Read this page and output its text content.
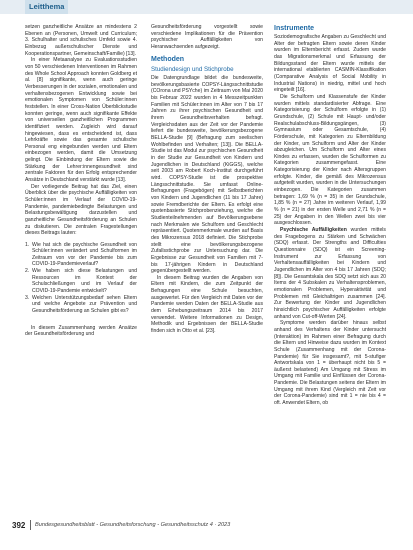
Leitthema

setzen ganzheitliche Ansätze an mindestens 2 Ebenen an (Personen, Umwelt und Curriculum; 3. Schulhalter und schulisches Umfeld sowie 4. Einbezug außerschulischer Dienste und Kooperationspartner, Gemeinschaft/Familie) [13].

In einer Metaanalyse zu Evaluationsstudien von 50 verschiedenen Interventionen im Rahmen des Whole School Approach konnten Goldberg et al. [8] signifikante, wenn auch geringe Verbesserungen in der sozialen, emotionalen und verhaltensbezogenen Entwicklung sowie bei emotionalen Symptomen von Schüler:innen feststellen. In einer Cross-Nation Überblickstudie konnten geringe, wenn auch signifikante Effekte von universellen ganzheitlichen Programmen identifiziert werden. Zugleich wird darauf hingewiesen, dass es entscheidend ist, dass Lehrkräfte sowie das gesamte schulische Personal eng eingebunden werden und Eltern einbezogen werden, damit die Umsetzung gelingt. Die Einbindung der Eltern sowie die Stärkung der Lehrer:innengesundheit sind zentrale Faktoren für den Erfolg entsprechender Ansätze in Deutschland verstärkt wurde [13].

Der vorliegende Beitrag hat das Ziel, einen Überblick über die psychische Auffälligkeiten von Schüler:innen im Verlauf der COVID-19-Pandemie, pandemiebedingte Belastungen und Belastungsbewältigung darzustellen und ganzheitliche Gesundheitsförderung an Schulen zu diskutieren. Die zentralen Fragestellungen dieses Beitrags lauten:

1. Wie hat sich die psychische Gesundheit von Schüler:innen verändert und Schulformen im Zeitraum von vor der Pandemie bis zum COVID-19-Pandemieverlauf?
2. Wie haben sich diese Belastungen und Ressourcen im Kontext der Schulschließungen und im Verlauf der COVID-19-Pandemie entwickelt?
3. Welchen Unterstützungsbedarf sehen Eltern und welche Angebote zur Prävention und Gesundheitsförderung an Schulen gibt es?

In diesem Zusammenhang werden Ansätze der Gesundheitsförderung und

Gesundheitsförderung vorgestellt sowie verschiedene Implikationen für die Prävention psychischer Auffälligkeiten von Heranwachsenden aufgezeigt.

Methoden

Studiendesign und Stichprobe

Die Datengrundlage bildet die bundesweite, bevölkerungsbasierte COPSY-Längsschnittstudie (COrona und PSYche) im Zeitraum von Mai 2020 bis Februar 2022 wurden in 4 Messzeitpunkten Familien mit Schüler:innen im Alter von 7 bis 17 Jahren zu ihrer psychischen Gesundheit und ihrem Gesundheitsverhalten befragt. Vergleichsdaten aus der Zeit vor der Pandemie liefert die bundesweite, bevölkerungsbezogene BELLA-Studie [9] (Befragung zum seelischen Wohlbefinden und Verhalten; [13]). Die BELLA-Studie ist das Modul zur psychischen Gesundheit in der Studie zur Gesundheit von Kindern und Jugendlichen in Deutschland (KiGGS), welche seit 2003 am Robert Koch-Institut durchgeführt wird. COPSY-Studie ist die prospektive Längsschnittstudie. Sie umfasst Online-Befragungen (Fragebögen) mit Selbstberichten von Kindern und Jugendlichen (11 bis 17 Jahre) sowie Fremdberichte der Eltern. Es erfolgt eine quotenbasierte Stichprobenziehung, welche die Studienteilnehmenden auf Bevölkerungsebene nach Merkmalen wie Schulform und Geschlecht repräsentiert. Quotenmerkmale wurden auf Basis des Mikrozensus 2018 definiert. Die Stichprobe stellt eine bevölkerungsbezogene Zufallsstichprobe zur Untersuchung dar. Die Ergebnisse zur Gesundheit von Familien mit 7- bis 17-jährigen Kindern in Deutschland gegenübergestellt werden.

In diesem Beitrag wurden die Angaben von Eltern mit Kindern, die zum Zeitpunkt der Befragungen eine Schule besuchten, ausgewertet. Für den Vergleich mit Daten vor der Pandemie werden Daten der BELLA-Studie aus dem Erhebungszeitraum 2014 bis 2017 verwendet. Weitere Informationen zu Design, Methodik und Ergebnissen der BELLA-Studie finden sich in Otto et al. [23].

Instrumente

Soziodemografische Angaben zu Geschlecht und Alter der befragten Eltern sowie deren Kinder wurden im Elternbericht erfasst. Zudem wurde das Migrationsmerkmal und Erfassung der Bildungsstand der Eltern wurde mittels der international etablierten CASMIN-Klassifikation (Comparative Analysis of Social Mobility in Industrial Nations) in niedrig, mittel und hoch eingeteilt [16].

Die Schulform und Klassenstufe der Kinder wurden mittels standardisierter Abfrage. Eine Kategorisierung der Schulform erfolgte in (1) Grundschule, (2) Schule mit Haupt- und/oder Realschulabschluss-Bildungsgängen, (3) Gymnasium oder Gesamtschule, (4) Förderschule, mit Kategorien zu Elternbildung der Kinder, um Schulform und Alter der Kinder abzugleichen. Um Schulform und Alter eines Kindes zu erfassen, wurden die Schulformen zu Kategorien zusammengefasst. Eine Kategorisierung der Kinder nach Altersgruppen erfolgte. Kinder, die gemäß des Mikrozensus aufgeteilt wurden, wurden in die Untersuchungen einbezogen. Die Kategorien zusammen betragen: 1,69 % (n = 35) in der Grundschule, 1,85 % (n = 27) Jahre im weiteren Verlauf, 1,99 % (n = 21) in der ersten Welle und 2,71 % (n = 25) der Angaben in den Wellen zwei bis vier ausgeschlossen.

Psychische Auffälligkeiten wurden mittels des Fragebogens zu Stärken und Schwächen (SDQ) erfasst. Der Strengths and Difficulties Questionnaire (SDQ) ist ein Screening-Instrument zur Erfassung von Verhaltensauffälligkeiten bei Kindern und Jugendlichen im Alter von 4 bis 17 Jahren (SDQ; [8]). Die Gesamtskala des SDQ setzt sich aus 20 Items der 4 Subskalen zu Verhaltensproblemen, emotionalen Problemen, Hyperaktivität und Problemen mit Gleichaltrigen zusammen [24]. Zur Bewertung der Kinder und Jugendlichen hinsichtlich psychischer Auffälligkeiten erfolgte anhand von Cut-off-Werten [24].

Symptome werden darüber hinaus selbst anhand des Verhaltens der Kinder untersucht (Interaktion) im Rahmen einer Befragung durch die Eltern und Hinweise dazu wurden im Kontext Schule (Zusammenhang mit der Corona-Pandemie) für Sie insgesamt?, mit 5-stufiger Antwortskala von 1 = überhaupt nicht bis 5 = äußerst belastend) Am Umgang mit Stress im Umgang mit Familie und Einflüssen der Corona-Pandemie. Die Belastungen seitens der Eltern im Umgang mit ihrem Kind (Vergleich mit Zeit vor der Corona-Pandemie) sind mit 1 = nie bis 4 = oft. Anwendet Eltern, ob

392 Bundesgesundheitsblatt - Gesundheitsforschung - Gesundheitsschutz 4 · 2023
